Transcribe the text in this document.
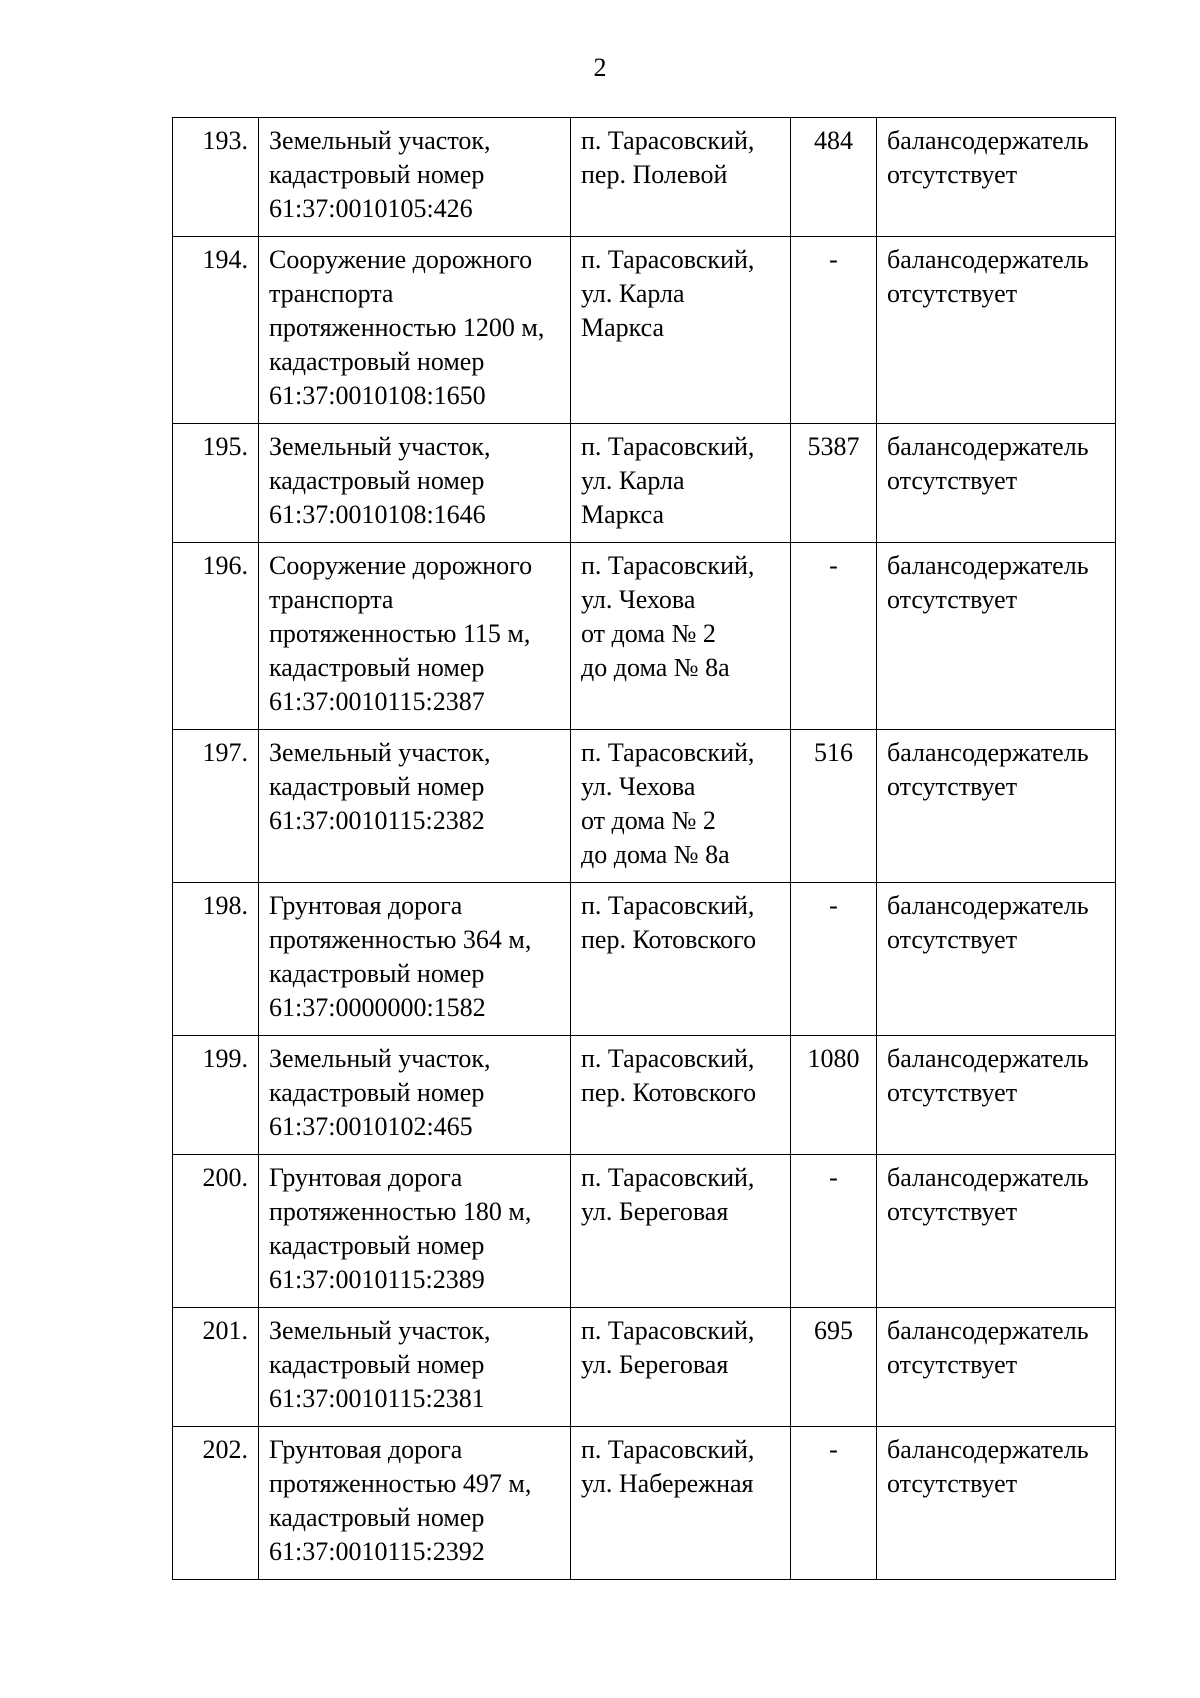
2
193.	Земельный участок,
кадастровый номер
61:37:0010105:426	п. Тарасовский,
пер. Полевой	484	балансодержатель
отсутствует

194.	Сооружение дорожного
транспорта
протяженностью 1200 м,
кадастровый номер
61:37:0010108:1650	п. Тарасовский,
ул. Карла
Маркса	-	балансодержатель
отсутствует

195.	Земельный участок,
кадастровый номер
61:37:0010108:1646	п. Тарасовский,
ул. Карла
Маркса	5387	балансодержатель
отсутствует

196.	Сооружение дорожного
транспорта
протяженностью 115 м,
кадастровый номер
61:37:0010115:2387	п. Тарасовский,
ул. Чехова
от дома № 2
до дома № 8а	-	балансодержатель
отсутствует

197.	Земельный участок,
кадастровый номер
61:37:0010115:2382	п. Тарасовский,
ул. Чехова
от дома № 2
до дома № 8а	516	балансодержатель
отсутствует

198.	Грунтовая дорога
протяженностью 364 м,
кадастровый номер
61:37:0000000:1582	п. Тарасовский,
пер. Котовского	-	балансодержатель
отсутствует

199.	Земельный участок,
кадастровый номер
61:37:0010102:465	п. Тарасовский,
пер. Котовского	1080	балансодержатель
отсутствует

200.	Грунтовая дорога
протяженностью 180 м,
кадастровый номер
61:37:0010115:2389	п. Тарасовский,
ул. Береговая	-	балансодержатель
отсутствует

201.	Земельный участок,
кадастровый номер
61:37:0010115:2381	п. Тарасовский,
ул. Береговая	695	балансодержатель
отсутствует

202.	Грунтовая дорога
протяженностью 497 м,
кадастровый номер
61:37:0010115:2392	п. Тарасовский,
ул. Набережная	-	балансодержатель
отсутствует
